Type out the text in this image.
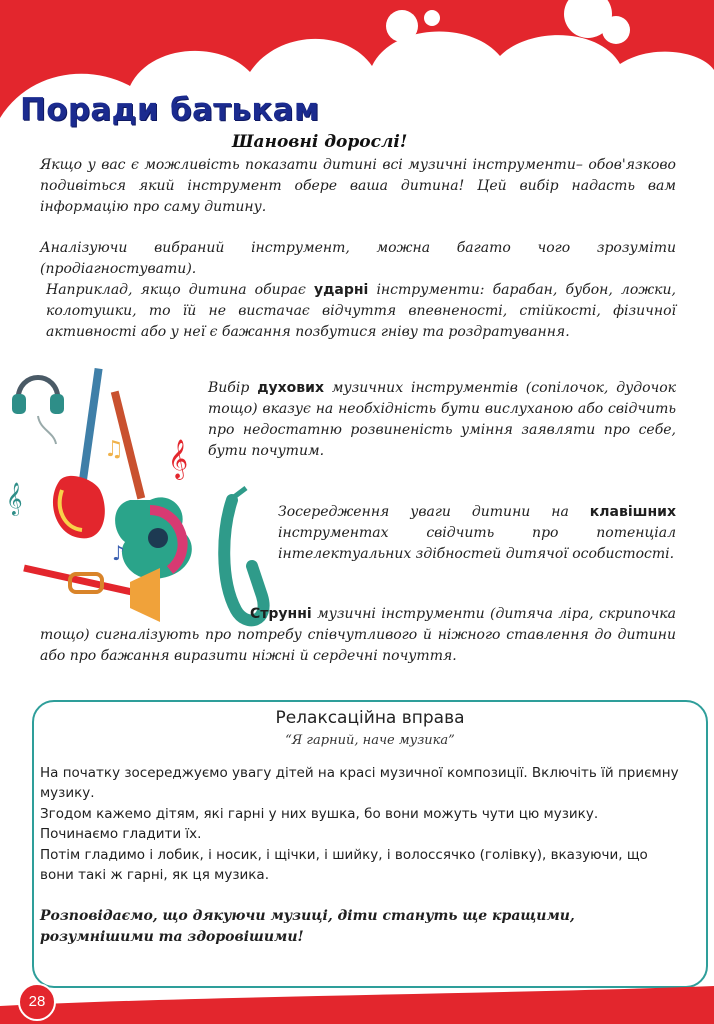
Поради батькам
Шановні дорослі!

Якщо у вас є можливість показати дитині всі музичні інструменти– обов'язково подивіться який інструмент обере ваша дитина! Цей вибір надасть вам інформацію про саму дитину.

Аналізуючи вибраний інструмент, можна багато чого зрозуміти (продіагностувати).

Наприклад, якщо дитина обирає ударні інструменти: барабан, бубон, ложки, колотушки, то їй не вистачає відчуття впевненості, стійкості, фізичної активності або у неї є бажання позбутися гніву та роздратування.

𝄞
𝄞
♫
♪

Вибір духових музичних інструментів (сопілочок, дудочок тощо) вказує на необхідність бути вислуханою або свідчить про недостатню розвиненість уміння заявляти про себе, бути почутим.

Зосередження уваги дитини на клавішних інструментах свідчить про потенціал інтелектуальних здібностей дитячої особистості.

Струнні музичні інструменти (дитяча ліра, скрипочка тощо) сигналізують про потребу співчутливого й ніжного ставлення до дитини або про бажання виразити ніжні й сердечні почуття.

Релаксаційна вправа
“Я гарний, наче музика”

На початку зосереджуємо увагу дітей на красі музичної композиції. Включіть їй приємну музику.

Згодом кажемо дітям, які гарні у них вушка, бо вони можуть чути цю музику. Починаємо гладити їх.

Потім гладимо і лобик, і носик, і щічки, і шийку, і волоссячко (голівку), вказуючи, що вони такі ж гарні, як ця музика.

Розповідаємо, що дякуючи музиці, діти стануть ще кращими, розумнішими та здоровішими!

28
